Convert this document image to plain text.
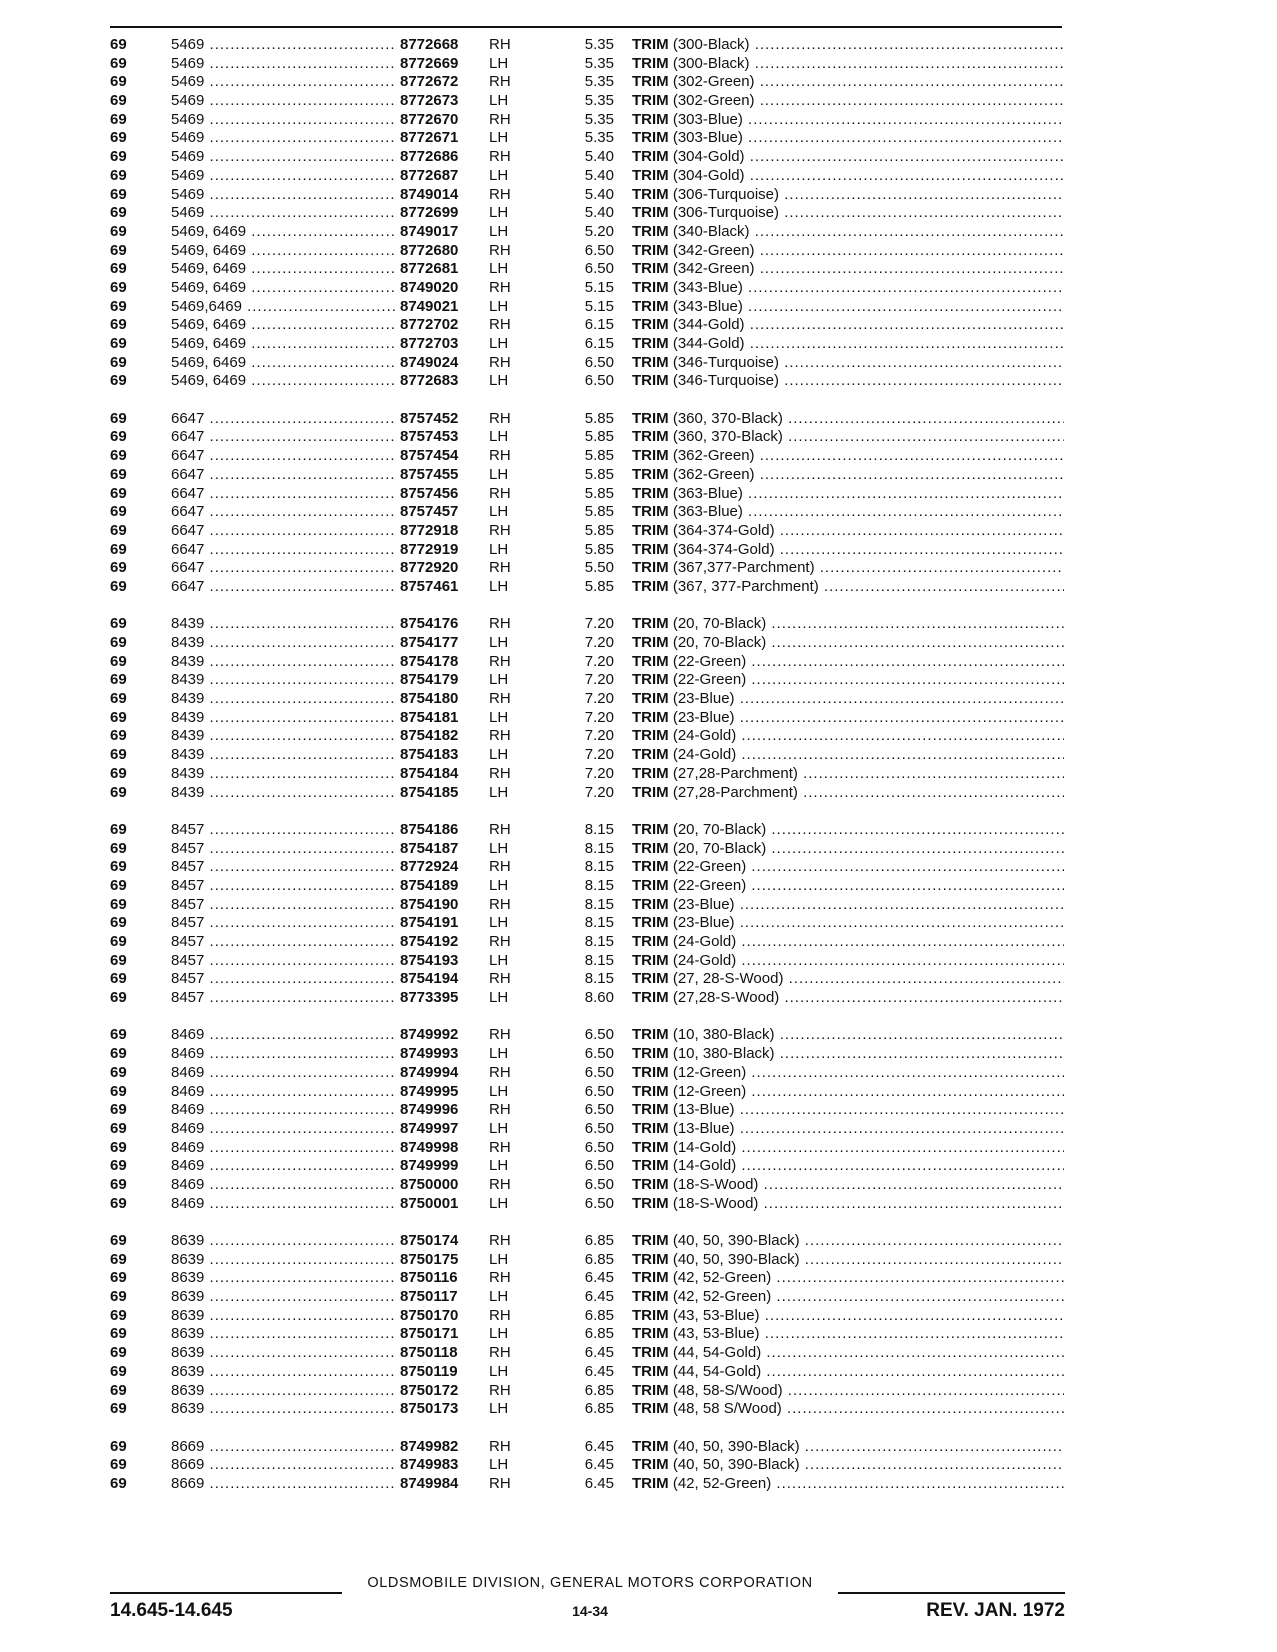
69	5469 .....	8772668 RH	5.35 TRIM (300-Black) .....
69	5469 .....	8772669 LH	5.35 TRIM (300-Black) .....
69	5469 .....	8772672 RH	5.35 TRIM (302-Green) .....
69	5469 .....	8772673 LH	5.35 TRIM (302-Green) .....
69	5469 .....	8772670 RH	5.35 TRIM (303-Blue) .....
69	5469 .....	8772671 LH	5.35 TRIM (303-Blue) .....
69	5469 .....	8772686 RH	5.40 TRIM (304-Gold) .....
69	5469 .....	8772687 LH	5.40 TRIM (304-Gold) .....
69	5469 .....	8749014 RH	5.40 TRIM (306-Turquoise) .....
69	5469 .....	8772699 LH	5.40 TRIM (306-Turquoise) .....
69	5469, 6469 .....	8749017 LH	5.20 TRIM (340-Black) .....
69	5469, 6469 .....	8772680 RH	6.50 TRIM (342-Green) .....
69	5469, 6469 .....	8772681 LH	6.50 TRIM (342-Green) .....
69	5469, 6469 .....	8749020 RH	5.15 TRIM (343-Blue) .....
69	5469,6469 .....	8749021 LH	5.15 TRIM (343-Blue) .....
69	5469, 6469 .....	8772702 RH	6.15 TRIM (344-Gold) .....
69	5469, 6469 .....	8772703 LH	6.15 TRIM (344-Gold) .....
69	5469, 6469 .....	8749024 RH	6.50 TRIM (346-Turquoise) .....
69	5469, 6469 .....	8772683 LH	6.50 TRIM (346-Turquoise) .....
69	6647 .....	8757452 RH	5.85 TRIM (360, 370-Black) .....
69	6647 .....	8757453 LH	5.85 TRIM (360, 370-Black) .....
69	6647 .....	8757454 RH	5.85 TRIM (362-Green) .....
69	6647 .....	8757455 LH	5.85 TRIM (362-Green) .....
69	6647 .....	8757456 RH	5.85 TRIM (363-Blue) .....
69	6647 .....	8757457 LH	5.85 TRIM (363-Blue) .....
69	6647 .....	8772918 RH	5.85 TRIM (364-374-Gold) .....
69	6647 .....	8772919 LH	5.85 TRIM (364-374-Gold) .....
69	6647 .....	8772920 RH	5.50 TRIM (367,377-Parchment) .....
69	6647 .....	8757461 LH	5.85 TRIM (367, 377-Parchment) .....
69	8439 .....	8754176 RH	7.20 TRIM (20, 70-Black) .....
69	8439 .....	8754177 LH	7.20 TRIM (20, 70-Black) .....
69	8439 .....	8754178 RH	7.20 TRIM (22-Green) .....
69	8439 .....	8754179 LH	7.20 TRIM (22-Green) .....
69	8439 .....	8754180 RH	7.20 TRIM (23-Blue) .....
69	8439 .....	8754181 LH	7.20 TRIM (23-Blue) .....
69	8439 .....	8754182 RH	7.20 TRIM (24-Gold) .....
69	8439 .....	8754183 LH	7.20 TRIM (24-Gold) .....
69	8439 .....	8754184 RH	7.20 TRIM (27,28-Parchment) .....
69	8439 .....	8754185 LH	7.20 TRIM (27,28-Parchment) .....
69	8457 .....	8754186 RH	8.15 TRIM (20, 70-Black) .....
69	8457 .....	8754187 LH	8.15 TRIM (20, 70-Black) .....
69	8457 .....	8772924 RH	8.15 TRIM (22-Green) .....
69	8457 .....	8754189 LH	8.15 TRIM (22-Green) .....
69	8457 .....	8754190 RH	8.15 TRIM (23-Blue) .....
69	8457 .....	8754191 LH	8.15 TRIM (23-Blue) .....
69	8457 .....	8754192 RH	8.15 TRIM (24-Gold) .....
69	8457 .....	8754193 LH	8.15 TRIM (24-Gold) .....
69	8457 .....	8754194 RH	8.15 TRIM (27, 28-S-Wood) .....
69	8457 .....	8773395 LH	8.60 TRIM (27,28-S-Wood) .....
69	8469 .....	8749992 RH	6.50 TRIM (10, 380-Black) .....
69	8469 .....	8749993 LH	6.50 TRIM (10, 380-Black) .....
69	8469 .....	8749994 RH	6.50 TRIM (12-Green) .....
69	8469 .....	8749995 LH	6.50 TRIM (12-Green) .....
69	8469 .....	8749996 RH	6.50 TRIM (13-Blue) .....
69	8469 .....	8749997 LH	6.50 TRIM (13-Blue) .....
69	8469 .....	8749998 RH	6.50 TRIM (14-Gold) .....
69	8469 .....	8749999 LH	6.50 TRIM (14-Gold) .....
69	8469 .....	8750000 RH	6.50 TRIM (18-S-Wood) .....
69	8469 .....	8750001 LH	6.50 TRIM (18-S-Wood) .....
69	8639 .....	8750174 RH	6.85 TRIM (40, 50, 390-Black) .....
69	8639 .....	8750175 LH	6.85 TRIM (40, 50, 390-Black) .....
69	8639 .....	8750116 RH	6.45 TRIM (42, 52-Green) .....
69	8639 .....	8750117 LH	6.45 TRIM (42, 52-Green) .....
69	8639 .....	8750170 RH	6.85 TRIM (43, 53-Blue) .....
69	8639 .....	8750171 LH	6.85 TRIM (43, 53-Blue) .....
69	8639 .....	8750118 RH	6.45 TRIM (44, 54-Gold) .....
69	8639 .....	8750119 LH	6.45 TRIM (44, 54-Gold) .....
69	8639 .....	8750172 RH	6.85 TRIM (48, 58-S/Wood) .....
69	8639 .....	8750173 LH	6.85 TRIM (48, 58 S/Wood) .....
69	8669 .....	8749982 RH	6.45 TRIM (40, 50, 390-Black) .....
69	8669 .....	8749983 LH	6.45 TRIM (40, 50, 390-Black) .....
69	8669 .....	8749984 RH	6.45 TRIM (42, 52-Green) .....
OLDSMOBILE DIVISION, GENERAL MOTORS CORPORATION
14.645-14.645	14-34	REV. JAN. 1972
